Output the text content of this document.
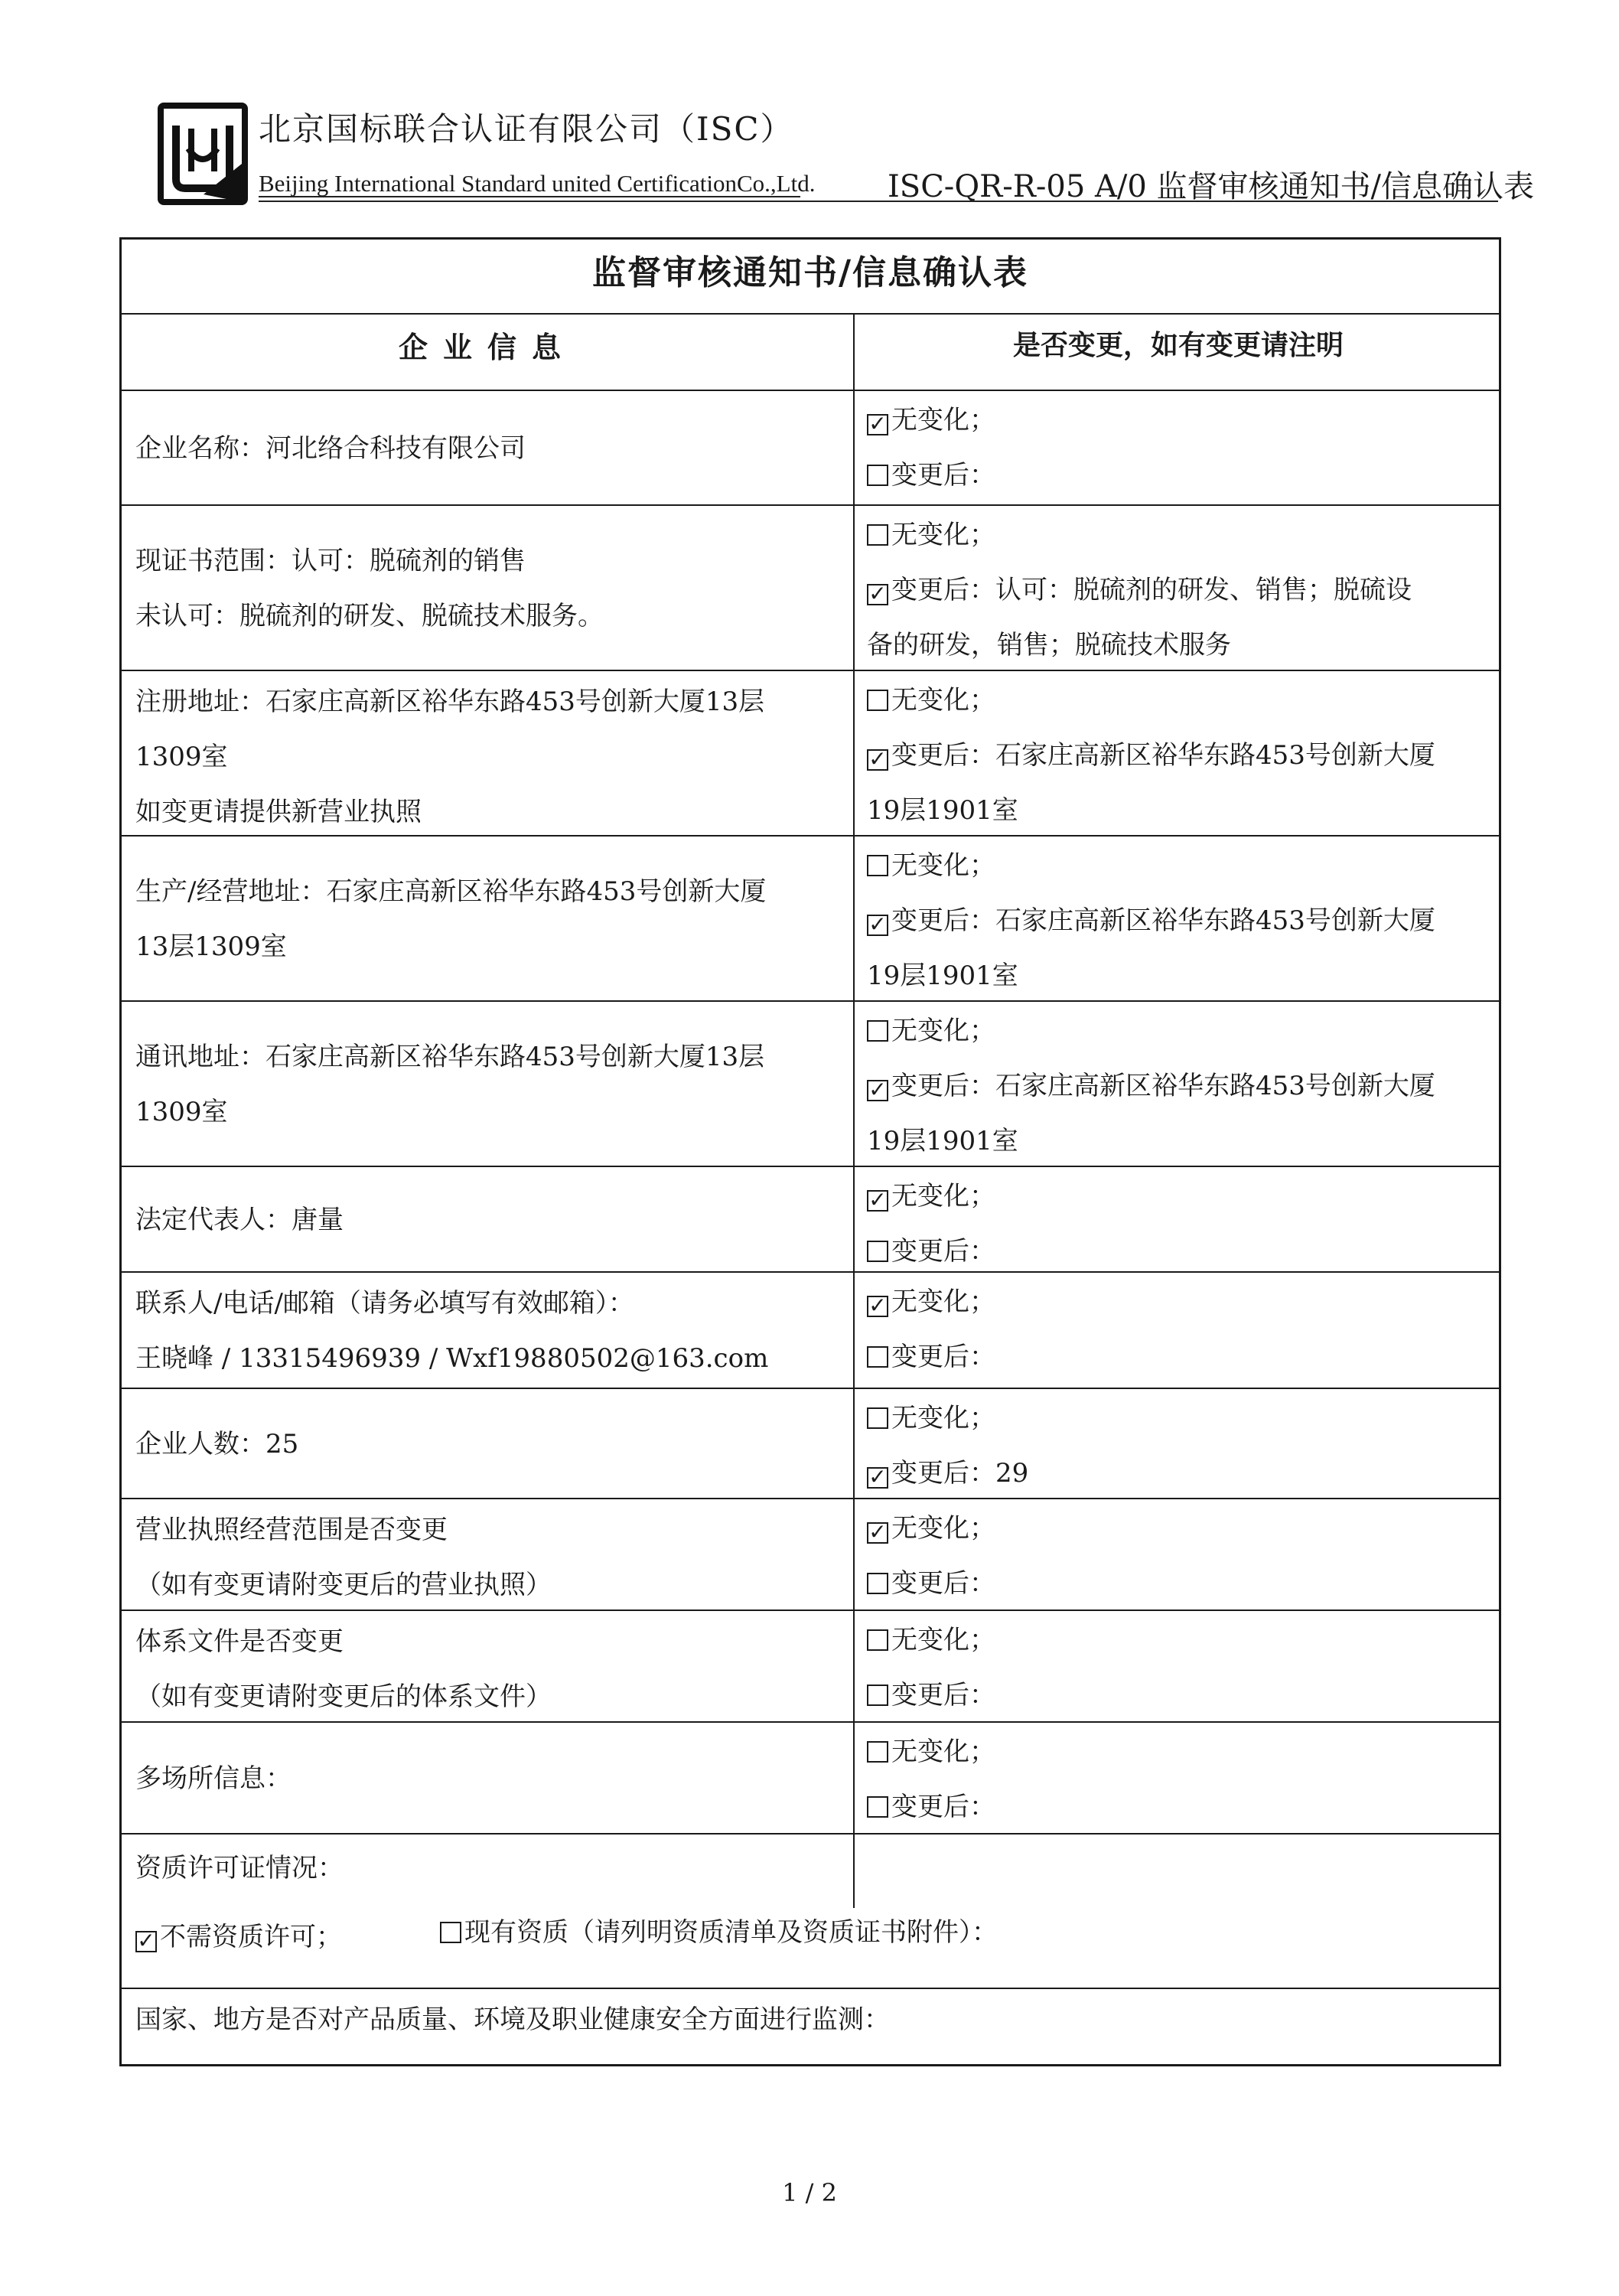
北京国标联合认证有限公司（ISC）
Beijing International Standard united CertificationCo.,Ltd. ISC-QR-R-05 A/0 监督审核通知书/信息确认表
监督审核通知书/信息确认表
企业信息	是否变更，如有变更请注明
企业名称：河北络合科技有限公司
✓ 无变化；
变更后：
现证书范围：认可：脱硫剂的销售
未认可：脱硫剂的研发、脱硫技术服务。
无变化；
✓ 变更后：认可：脱硫剂的研发、销售；脱硫设
备的研发，销售；脱硫技术服务
注册地址：石家庄高新区裕华东路453号创新大厦13层
1309室
如变更请提供新营业执照
无变化；
✓ 变更后：石家庄高新区裕华东路453号创新大厦
19层1901室
生产/经营地址：石家庄高新区裕华东路453号创新大厦
13层1309室
无变化；
✓ 变更后：石家庄高新区裕华东路453号创新大厦
19层1901室
通讯地址：石家庄高新区裕华东路453号创新大厦13层
1309室
无变化；
✓ 变更后：石家庄高新区裕华东路453号创新大厦
19层1901室
法定代表人：唐量
✓ 无变化；
变更后：
联系人/电话/邮箱（请务必填写有效邮箱）：
王晓峰 / 13315496939 / Wxf19880502@163.com
✓ 无变化；
变更后：
企业人数：25
无变化；
✓ 变更后：29
营业执照经营范围是否变更
（如有变更请附变更后的营业执照）
✓ 无变化；
变更后：
体系文件是否变更
（如有变更请附变更后的体系文件）
无变化；
变更后：
多场所信息：
无变化；
变更后：
资质许可证情况：
✓ 不需资质许可；	现有资质（请列明资质清单及资质证书附件）：
国家、地方是否对产品质量、环境及职业健康安全方面进行监测：
1 / 2
